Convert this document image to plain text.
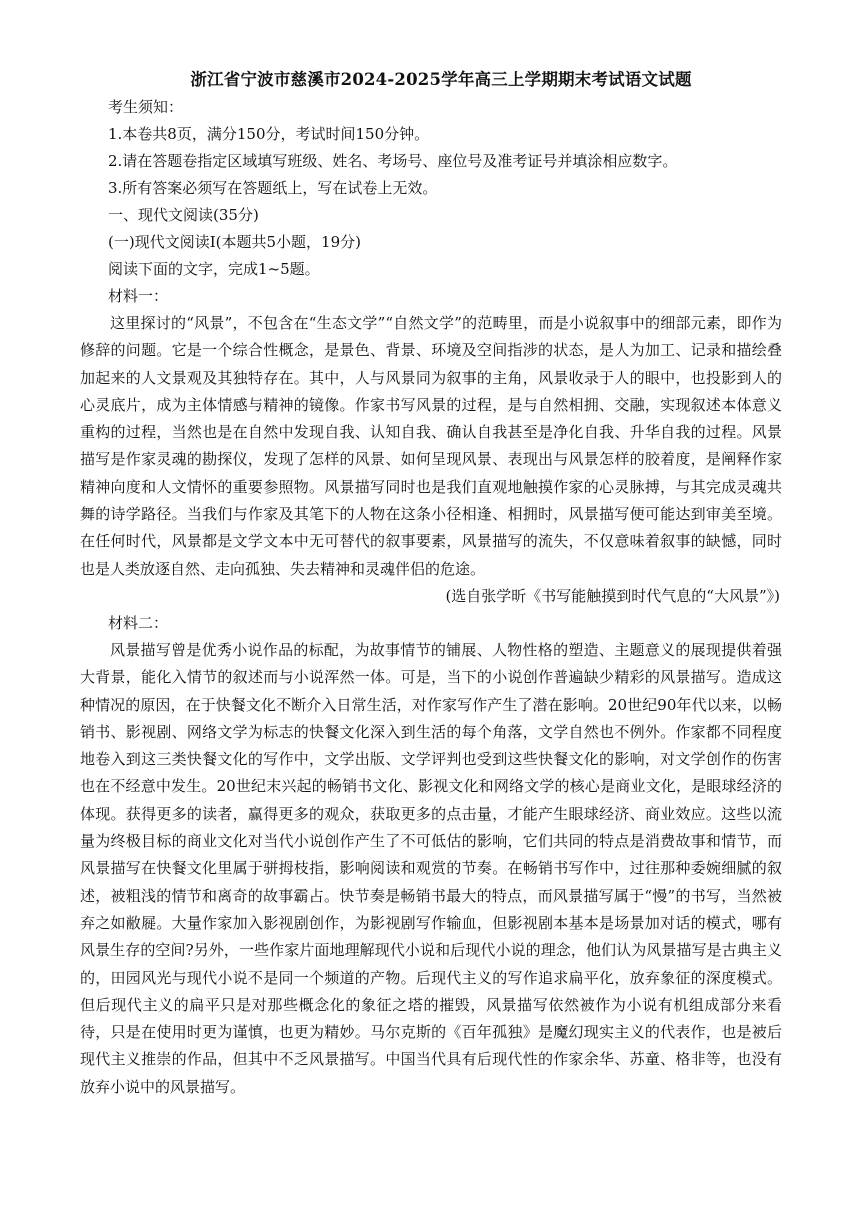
浙江省宁波市慈溪市2024-2025学年高三上学期期末考试语文试题
考生须知：
1.本卷共8页，满分150分，考试时间150分钟。
2.请在答题卷指定区域填写班级、姓名、考场号、座位号及准考证号并填涂相应数字。
3.所有答案必须写在答题纸上，写在试卷上无效。
一、现代文阅读(35分)
(一)现代文阅读Ⅰ(本题共5小题，19分)
阅读下面的文字，完成1~5题。
材料一：

这里探讨的“风景”，不包含在“生态文学”“自然文学”的范畴里，而是小说叙事中的细部元素，即作为修辞的问题。它是一个综合性概念，是景色、背景、环境及空间指涉的状态，是人为加工、记录和描绘叠加起来的人文景观及其独特存在。其中，人与风景同为叙事的主角，风景收录于人的眼中，也投影到人的心灵底片，成为主体情感与精神的镜像。作家书写风景的过程，是与自然相拥、交融，实现叙述本体意义重构的过程，当然也是在自然中发现自我、认知自我、确认自我甚至是净化自我、升华自我的过程。风景描写是作家灵魂的勘探仪，发现了怎样的风景、如何呈现风景、表现出与风景怎样的胶着度，是阐释作家精神向度和人文情怀的重要参照物。风景描写同时也是我们直观地触摸作家的心灵脉搏，与其完成灵魂共舞的诗学路径。当我们与作家及其笔下的人物在这条小径相逢、相拥时，风景描写便可能达到审美至境。在任何时代，风景都是文学文本中无可替代的叙事要素，风景描写的流失，不仅意味着叙事的缺憾，同时也是人类放逐自然、走向孤独、失去精神和灵魂伴侣的危途。

(选自张学昕《书写能触摸到时代气息的“大风景”》)
材料二：

风景描写曾是优秀小说作品的标配，为故事情节的铺展、人物性格的塑造、主题意义的展现提供着强大背景，能化入情节的叙述而与小说浑然一体。可是，当下的小说创作普遍缺少精彩的风景描写。造成这种情况的原因，在于快餐文化不断介入日常生活，对作家写作产生了潜在影响。20世纪90年代以来，以畅销书、影视剧、网络文学为标志的快餐文化深入到生活的每个角落，文学自然也不例外。作家都不同程度地卷入到这三类快餐文化的写作中，文学出版、文学评判也受到这些快餐文化的影响，对文学创作的伤害也在不经意中发生。20世纪末兴起的畅销书文化、影视文化和网络文学的核心是商业文化，是眼球经济的体现。获得更多的读者，赢得更多的观众，获取更多的点击量，才能产生眼球经济、商业效应。这些以流量为终极目标的商业文化对当代小说创作产生了不可低估的影响，它们共同的特点是消费故事和情节，而风景描写在快餐文化里属于骈拇枝指，影响阅读和观赏的节奏。在畅销书写作中，过往那种委婉细腻的叙述，被粗浅的情节和离奇的故事霸占。快节奏是畅销书最大的特点，而风景描写属于“慢”的书写，当然被弃之如敝屣。大量作家加入影视剧创作，为影视剧写作输血，但影视剧本基本是场景加对话的模式，哪有风景生存的空间?另外，一些作家片面地理解现代小说和后现代小说的理念，他们认为风景描写是古典主义的，田园风光与现代小说不是同一个频道的产物。后现代主义的写作追求扁平化，放弃象征的深度模式。但后现代主义的扁平只是对那些概念化的象征之塔的摧毁，风景描写依然被作为小说有机组成部分来看待，只是在使用时更为谨慎，也更为精妙。马尔克斯的《百年孤独》是魔幻现实主义的代表作，也是被后现代主义推崇的作品，但其中不乏风景描写。中国当代具有后现代性的作家余华、苏童、格非等，也没有放弃小说中的风景描写。
